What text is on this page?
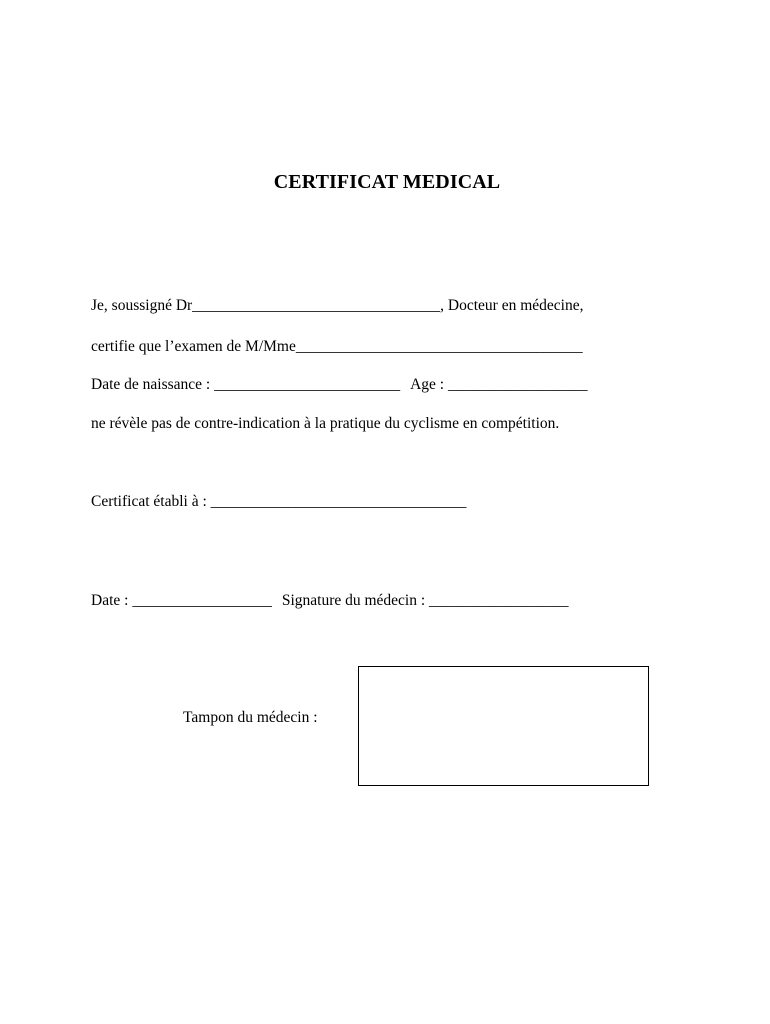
CERTIFICAT MEDICAL
Je, soussigné Dr________________________________, Docteur en médecine,
certifie que l’examen de M/Mme_____________________________________
Date de naissance : ________________________ Age : __________________
ne révèle pas de contre-indication à la pratique du cyclisme en compétition.
Certificat établi à : _________________________________
Date : __________________ Signature du médecin : __________________
Tampon du médecin :
